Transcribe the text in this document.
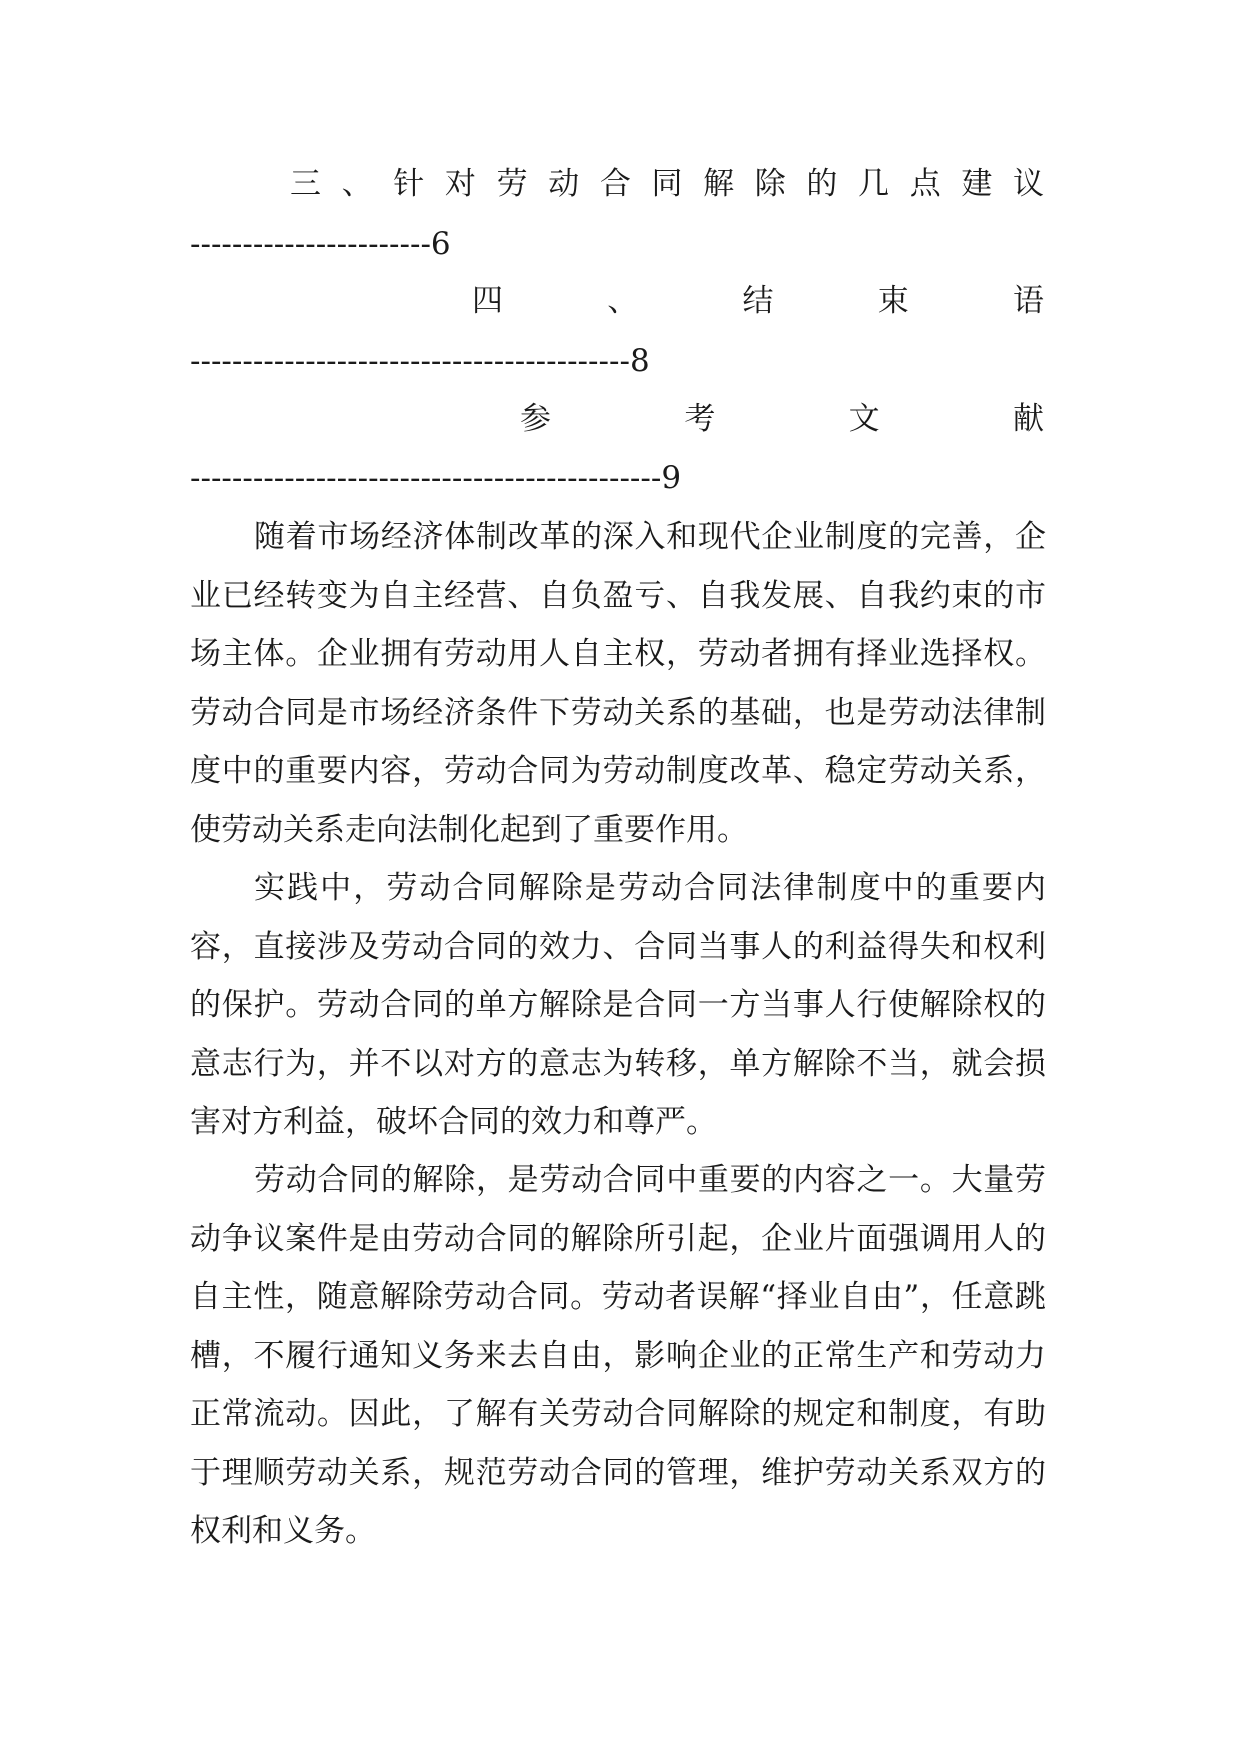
三 、 针 对 劳 动 合 同 解 除 的 几 点 建 议
-----------------------6
四	、	结	束	语
------------------------------------------8
参	考	文	献
---------------------------------------------9

随着市场经济体制改革的深入和现代企业制度的完善，企业已经转变为自主经营、自负盈亏、自我发展、自我约束的市场主体。企业拥有劳动用人自主权，劳动者拥有择业选择权。劳动合同是市场经济条件下劳动关系的基础，也是劳动法律制度中的重要内容，劳动合同为劳动制度改革、稳定劳动关系，使劳动关系走向法制化起到了重要作用。

实践中，劳动合同解除是劳动合同法律制度中的重要内容，直接涉及劳动合同的效力、合同当事人的利益得失和权利的保护。劳动合同的单方解除是合同一方当事人行使解除权的意志行为，并不以对方的意志为转移，单方解除不当，就会损害对方利益，破坏合同的效力和尊严。

劳动合同的解除，是劳动合同中重要的内容之一。大量劳动争议案件是由劳动合同的解除所引起，企业片面强调用人的自主性，随意解除劳动合同。劳动者误解“择业自由”，任意跳槽，不履行通知义务来去自由，影响企业的正常生产和劳动力正常流动。因此，了解有关劳动合同解除的规定和制度，有助于理顺劳动关系，规范劳动合同的管理，维护劳动关系双方的权利和义务。
